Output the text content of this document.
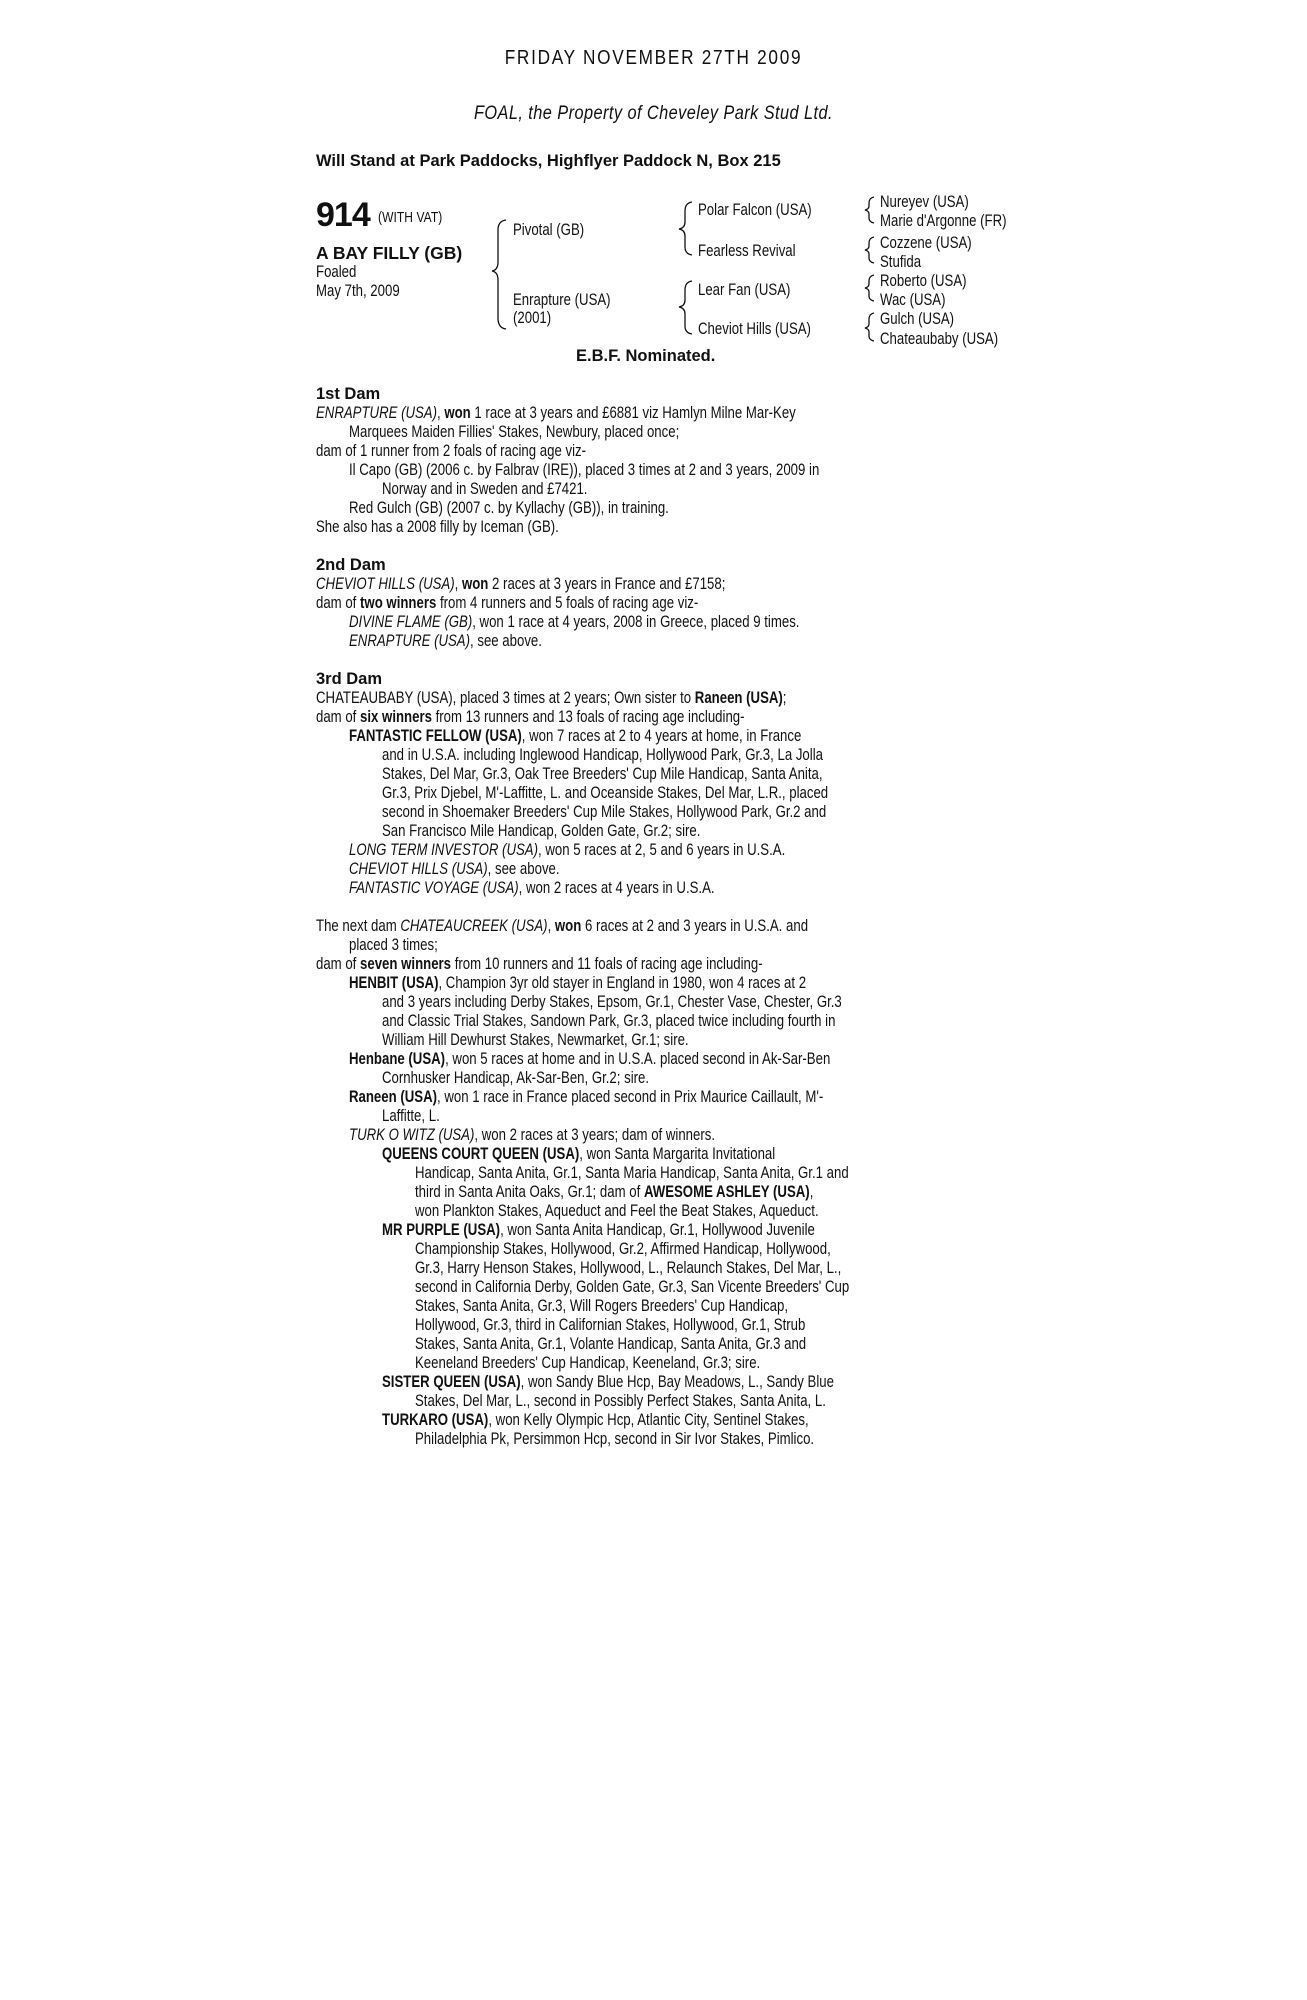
FRIDAY NOVEMBER 27TH 2009
FOAL, the Property of Cheveley Park Stud Ltd.
Will Stand at Park Paddocks, Highflyer Paddock N, Box 215
914 (WITH VAT)
A BAY FILLY (GB)
Foaled
May 7th, 2009
Pivotal (GB)
Enrapture (USA)
(2001)
Polar Falcon (USA)
Fearless Revival
Lear Fan (USA)
Cheviot Hills (USA)
Nureyev (USA)
Marie d'Argonne (FR)
Cozzene (USA)
Stufida
Roberto (USA)
Wac (USA)
Gulch (USA)
Chateaubaby (USA)
E.B.F. Nominated.
1st Dam
ENRAPTURE (USA), won 1 race at 3 years and £6881 viz Hamlyn Milne Mar-Key
Marquees Maiden Fillies' Stakes, Newbury, placed once;
dam of 1 runner from 2 foals of racing age viz-
Il Capo (GB) (2006 c. by Falbrav (IRE)), placed 3 times at 2 and 3 years, 2009 in
Norway and in Sweden and £7421.
Red Gulch (GB) (2007 c. by Kyllachy (GB)), in training.
She also has a 2008 filly by Iceman (GB).
2nd Dam
CHEVIOT HILLS (USA), won 2 races at 3 years in France and £7158;
dam of two winners from 4 runners and 5 foals of racing age viz-
DIVINE FLAME (GB), won 1 race at 4 years, 2008 in Greece, placed 9 times.
ENRAPTURE (USA), see above.
3rd Dam
CHATEAUBABY (USA), placed 3 times at 2 years; Own sister to Raneen (USA);
dam of six winners from 13 runners and 13 foals of racing age including-
FANTASTIC FELLOW (USA), won 7 races at 2 to 4 years at home, in France
and in U.S.A. including Inglewood Handicap, Hollywood Park, Gr.3, La Jolla
Stakes, Del Mar, Gr.3, Oak Tree Breeders' Cup Mile Handicap, Santa Anita,
Gr.3, Prix Djebel, M'-Laffitte, L. and Oceanside Stakes, Del Mar, L.R., placed
second in Shoemaker Breeders' Cup Mile Stakes, Hollywood Park, Gr.2 and
San Francisco Mile Handicap, Golden Gate, Gr.2; sire.
LONG TERM INVESTOR (USA), won 5 races at 2, 5 and 6 years in U.S.A.
CHEVIOT HILLS (USA), see above.
FANTASTIC VOYAGE (USA), won 2 races at 4 years in U.S.A.
The next dam CHATEAUCREEK (USA), won 6 races at 2 and 3 years in U.S.A. and
placed 3 times;
dam of seven winners from 10 runners and 11 foals of racing age including-
HENBIT (USA), Champion 3yr old stayer in England in 1980, won 4 races at 2
and 3 years including Derby Stakes, Epsom, Gr.1, Chester Vase, Chester, Gr.3
and Classic Trial Stakes, Sandown Park, Gr.3, placed twice including fourth in
William Hill Dewhurst Stakes, Newmarket, Gr.1; sire.
Henbane (USA), won 5 races at home and in U.S.A. placed second in Ak-Sar-Ben
Cornhusker Handicap, Ak-Sar-Ben, Gr.2; sire.
Raneen (USA), won 1 race in France placed second in Prix Maurice Caillault, M'-
Laffitte, L.
TURK O WITZ (USA), won 2 races at 3 years; dam of winners.
QUEENS COURT QUEEN (USA), won Santa Margarita Invitational
Handicap, Santa Anita, Gr.1, Santa Maria Handicap, Santa Anita, Gr.1 and
third in Santa Anita Oaks, Gr.1; dam of AWESOME ASHLEY (USA),
won Plankton Stakes, Aqueduct and Feel the Beat Stakes, Aqueduct.
MR PURPLE (USA), won Santa Anita Handicap, Gr.1, Hollywood Juvenile
Championship Stakes, Hollywood, Gr.2, Affirmed Handicap, Hollywood,
Gr.3, Harry Henson Stakes, Hollywood, L., Relaunch Stakes, Del Mar, L.,
second in California Derby, Golden Gate, Gr.3, San Vicente Breeders' Cup
Stakes, Santa Anita, Gr.3, Will Rogers Breeders' Cup Handicap,
Hollywood, Gr.3, third in Californian Stakes, Hollywood, Gr.1, Strub
Stakes, Santa Anita, Gr.1, Volante Handicap, Santa Anita, Gr.3 and
Keeneland Breeders' Cup Handicap, Keeneland, Gr.3; sire.
SISTER QUEEN (USA), won Sandy Blue Hcp, Bay Meadows, L., Sandy Blue
Stakes, Del Mar, L., second in Possibly Perfect Stakes, Santa Anita, L.
TURKARO (USA), won Kelly Olympic Hcp, Atlantic City, Sentinel Stakes,
Philadelphia Pk, Persimmon Hcp, second in Sir Ivor Stakes, Pimlico.
